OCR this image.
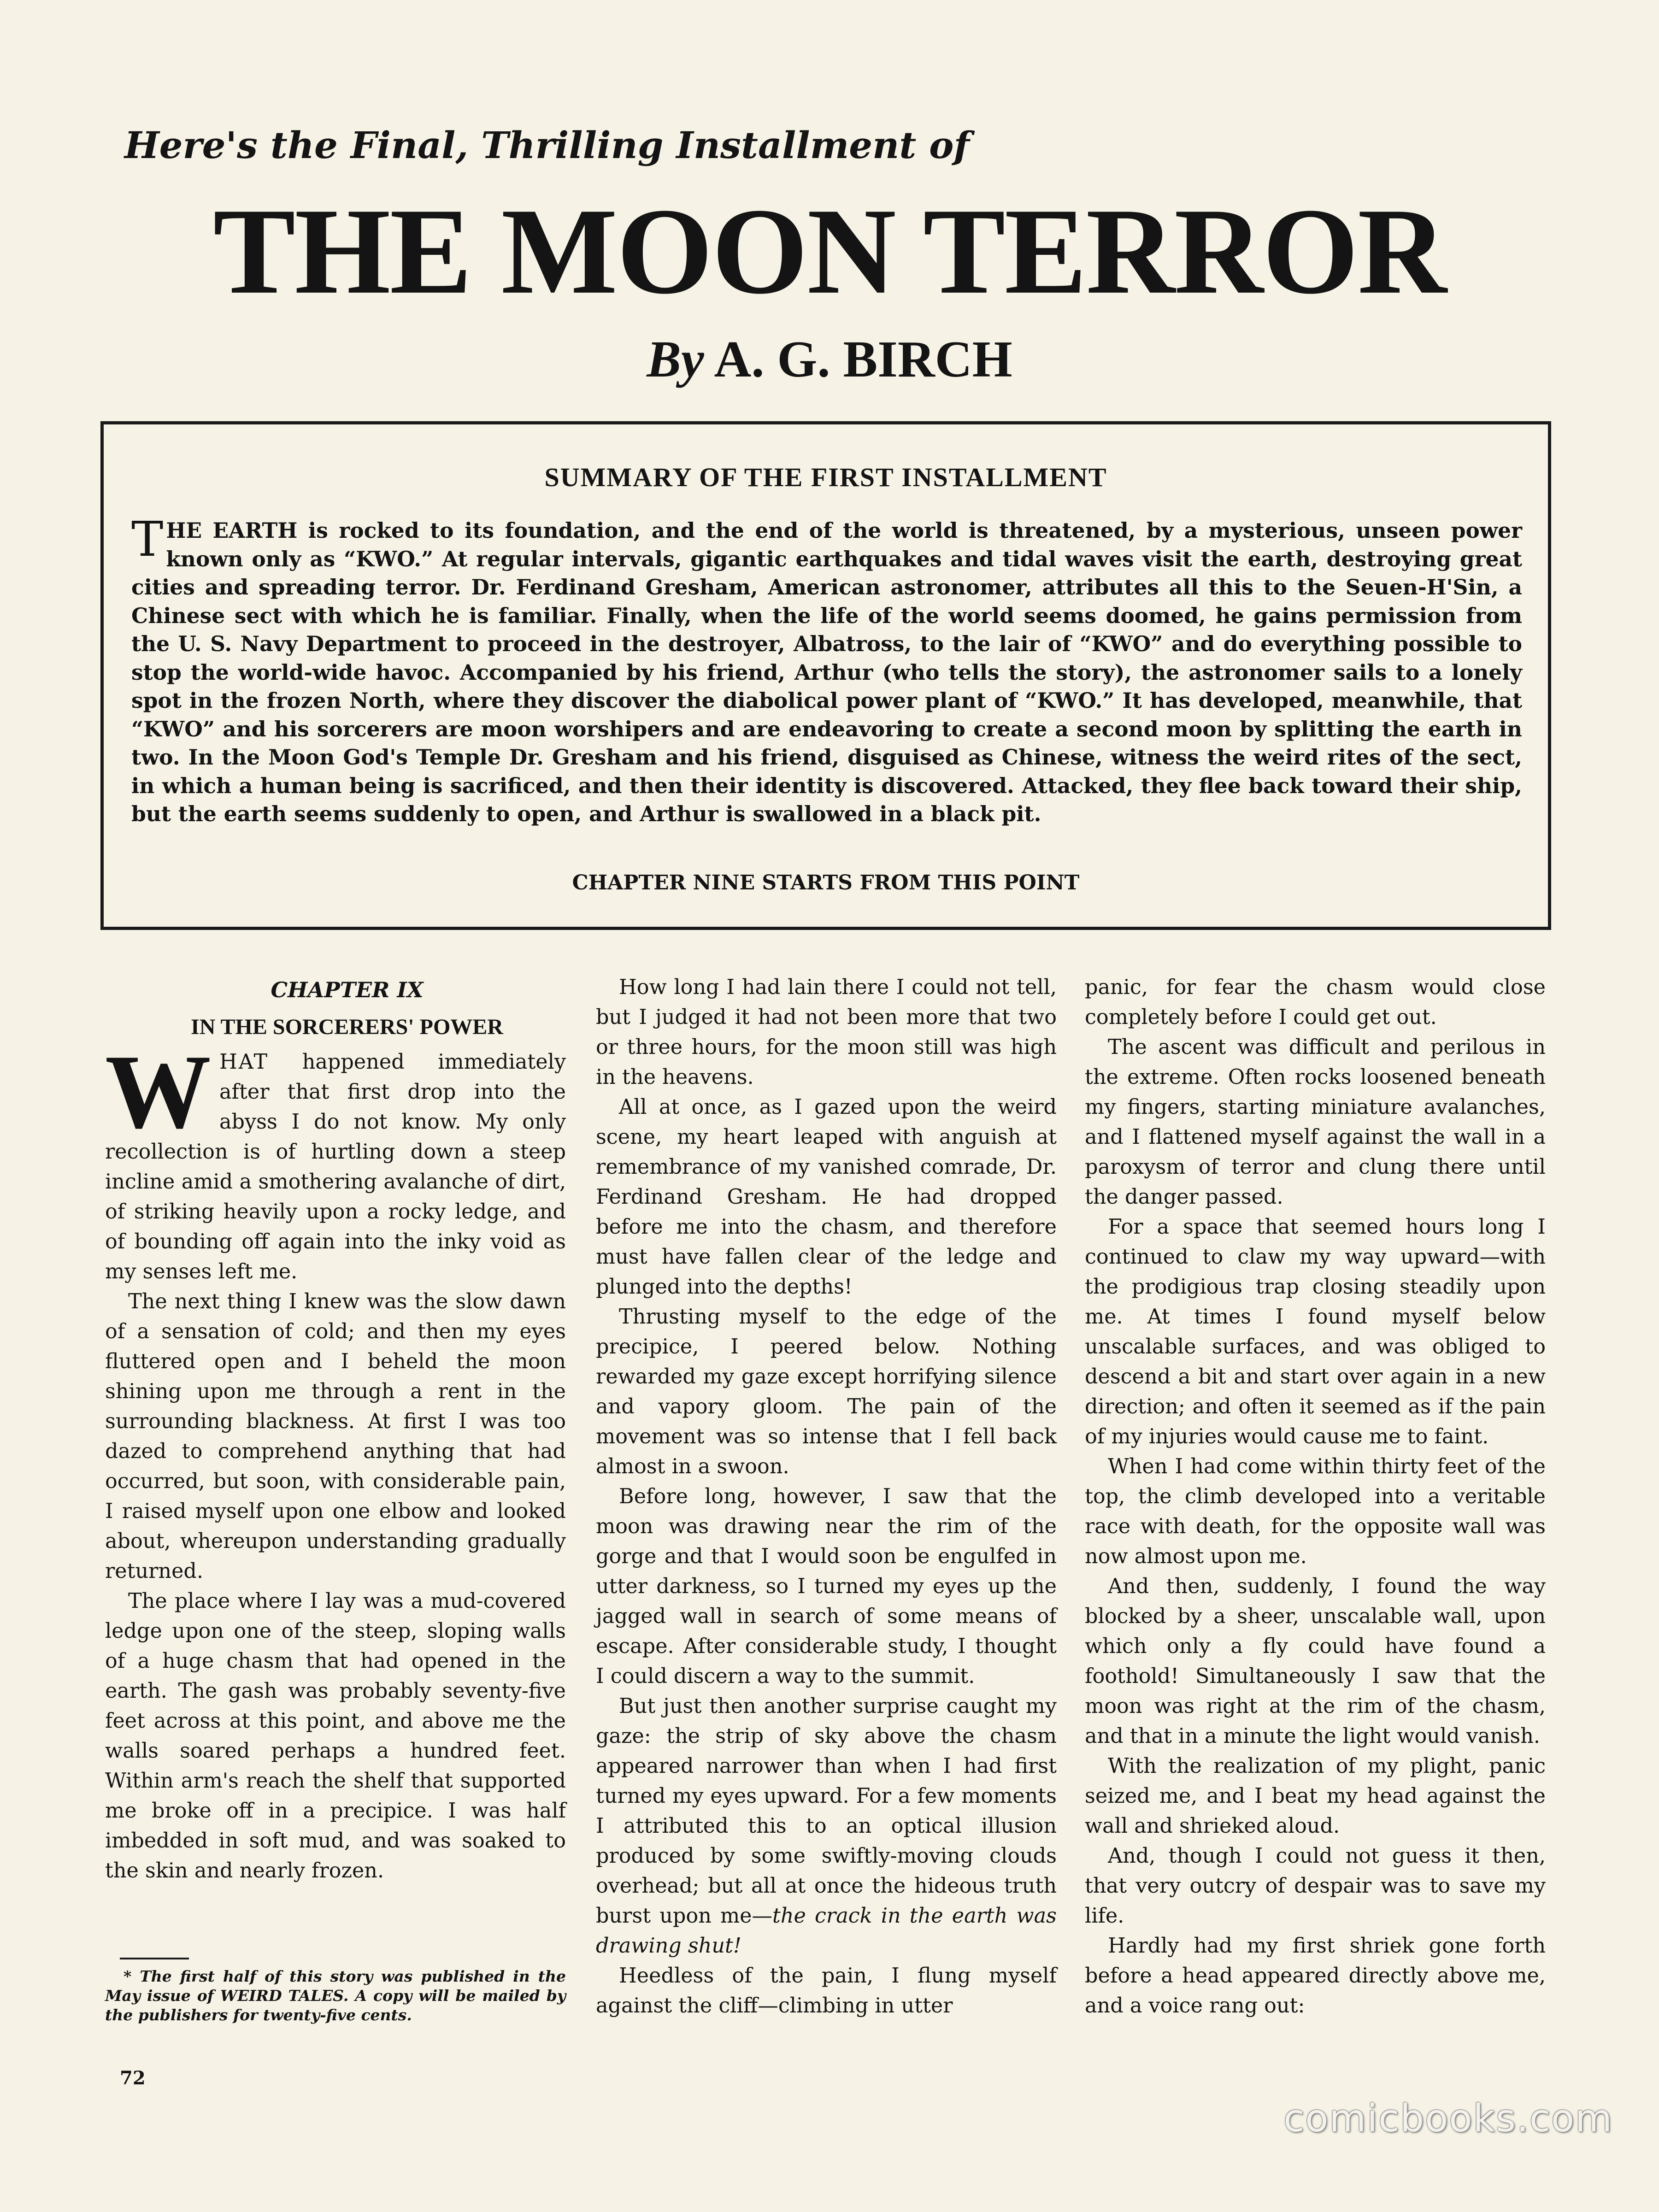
Here's the Final, Thrilling Installment of
THE MOON TERROR
By A. G. BIRCH
SUMMARY OF THE FIRST INSTALLMENT

THE EARTH is rocked to its foundation, and the end of the world is threatened, by a mysterious, unseen power known only as “KWO.” At regular intervals, gigantic earthquakes and tidal waves visit the earth, destroying great cities and spreading terror. Dr. Ferdinand Gresham, American astronomer, attributes all this to the Seuen-H'Sin, a Chinese sect with which he is familiar. Finally, when the life of the world seems doomed, he gains permission from the U. S. Navy Department to proceed in the destroyer, Albatross, to the lair of “KWO” and do everything possible to stop the world-wide havoc. Accompanied by his friend, Arthur (who tells the story), the astronomer sails to a lonely spot in the frozen North, where they discover the diabolical power plant of “KWO.” It has developed, meanwhile, that “KWO” and his sorcerers are moon worshipers and are endeavoring to create a second moon by splitting the earth in two. In the Moon God's Temple Dr. Gresham and his friend, disguised as Chinese, witness the weird rites of the sect, in which a human being is sacrificed, and then their identity is discovered. Attacked, they flee back toward their ship, but the earth seems suddenly to open, and Arthur is swallowed in a black pit.

CHAPTER NINE STARTS FROM THIS POINT

CHAPTER IX

IN THE SORCERERS' POWER

WHAT happened immediately after that first drop into the abyss I do not know. My only recollection is of hurtling down a steep incline amid a smothering avalanche of dirt, of striking heavily upon a rocky ledge, and of bounding off again into the inky void as my senses left me.

The next thing I knew was the slow dawn of a sensation of cold; and then my eyes fluttered open and I beheld the moon shining upon me through a rent in the surrounding blackness. At first I was too dazed to comprehend anything that had occurred, but soon, with considerable pain, I raised myself upon one elbow and looked about, whereupon understanding gradually returned.

The place where I lay was a mud-covered ledge upon one of the steep, sloping walls of a huge chasm that had opened in the earth. The gash was probably seventy-five feet across at this point, and above me the walls soared perhaps a hundred feet. Within arm's reach the shelf that supported me broke off in a precipice. I was half imbedded in soft mud, and was soaked to the skin and nearly frozen.

How long I had lain there I could not tell, but I judged it had not been more that two or three hours, for the moon still was high in the heavens.

All at once, as I gazed upon the weird scene, my heart leaped with anguish at remembrance of my vanished comrade, Dr. Ferdinand Gresham. He had dropped before me into the chasm, and therefore must have fallen clear of the ledge and plunged into the depths!

Thrusting myself to the edge of the precipice, I peered below. Nothing rewarded my gaze except horrifying silence and vapory gloom. The pain of the movement was so intense that I fell back almost in a swoon.

Before long, however, I saw that the moon was drawing near the rim of the gorge and that I would soon be engulfed in utter darkness, so I turned my eyes up the jagged wall in search of some means of escape. After considerable study, I thought I could discern a way to the summit.

But just then another surprise caught my gaze: the strip of sky above the chasm appeared narrower than when I had first turned my eyes upward. For a few moments I attributed this to an optical illusion produced by some swiftly-moving clouds overhead; but all at once the hideous truth burst upon me—the crack in the earth was drawing shut!

Heedless of the pain, I flung myself against the cliff—climbing in utter

panic, for fear the chasm would close completely before I could get out.

The ascent was difficult and perilous in the extreme. Often rocks loosened beneath my fingers, starting miniature avalanches, and I flattened myself against the wall in a paroxysm of terror and clung there until the danger passed.

For a space that seemed hours long I continued to claw my way upward—with the prodigious trap closing steadily upon me. At times I found myself below unscalable surfaces, and was obliged to descend a bit and start over again in a new direction; and often it seemed as if the pain of my injuries would cause me to faint.

When I had come within thirty feet of the top, the climb developed into a veritable race with death, for the opposite wall was now almost upon me.

And then, suddenly, I found the way blocked by a sheer, unscalable wall, upon which only a fly could have found a foothold! Simultaneously I saw that the moon was right at the rim of the chasm, and that in a minute the light would vanish.

With the realization of my plight, panic seized me, and I beat my head against the wall and shrieked aloud.

And, though I could not guess it then, that very outcry of despair was to save my life.

Hardly had my first shriek gone forth before a head appeared directly above me, and a voice rang out:

* The first half of this story was published in the May issue of WEIRD TALES. A copy will be mailed by the publishers for twenty-five cents.

72
comicbooks.com
